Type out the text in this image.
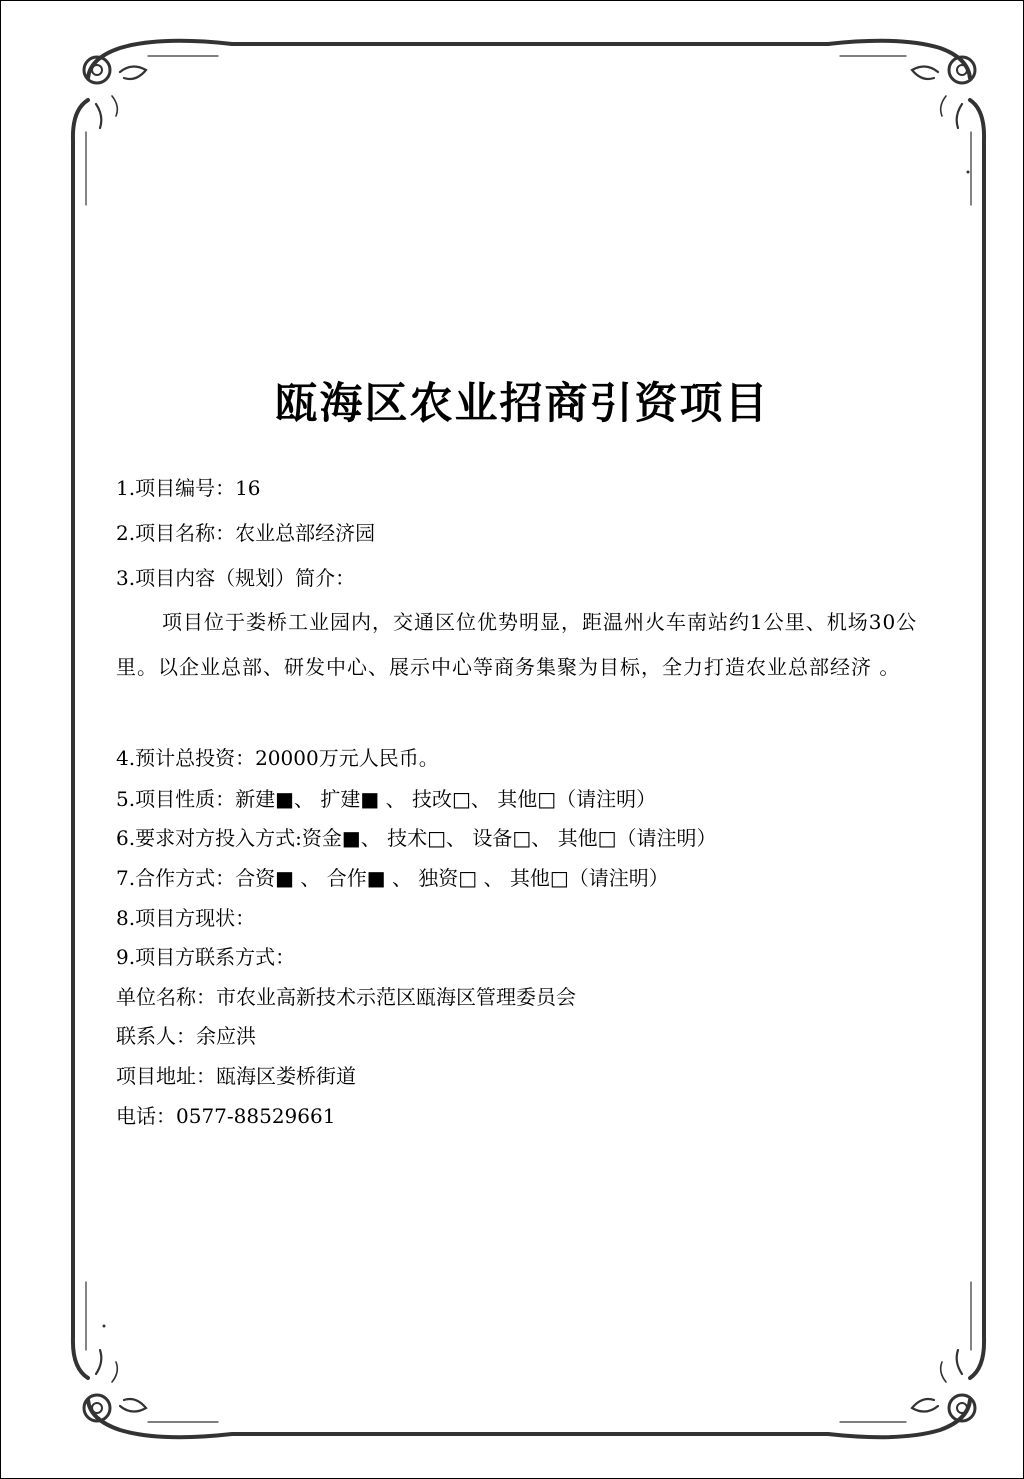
瓯海区农业招商引资项目
1.项目编号：16
2.项目名称：农业总部经济园
3.项目内容（规划）简介：
项目位于娄桥工业园内，交通区位优势明显，距温州火车南站约1公里、机场30公里。以企业总部、研发中心、展示中心等商务集聚为目标，全力打造农业总部经济 。
4.预计总投资：20000万元人民币。
5.项目性质：新建■、 扩建■ 、 技改□、 其他□（请注明）
6.要求对方投入方式:资金■、 技术□、 设备□、 其他□（请注明）
7.合作方式：合资■ 、 合作■ 、 独资□ 、 其他□（请注明）
8.项目方现状：
9.项目方联系方式：
单位名称：市农业高新技术示范区瓯海区管理委员会
联系人：余应洪
项目地址：瓯海区娄桥街道
电话：0577-88529661
